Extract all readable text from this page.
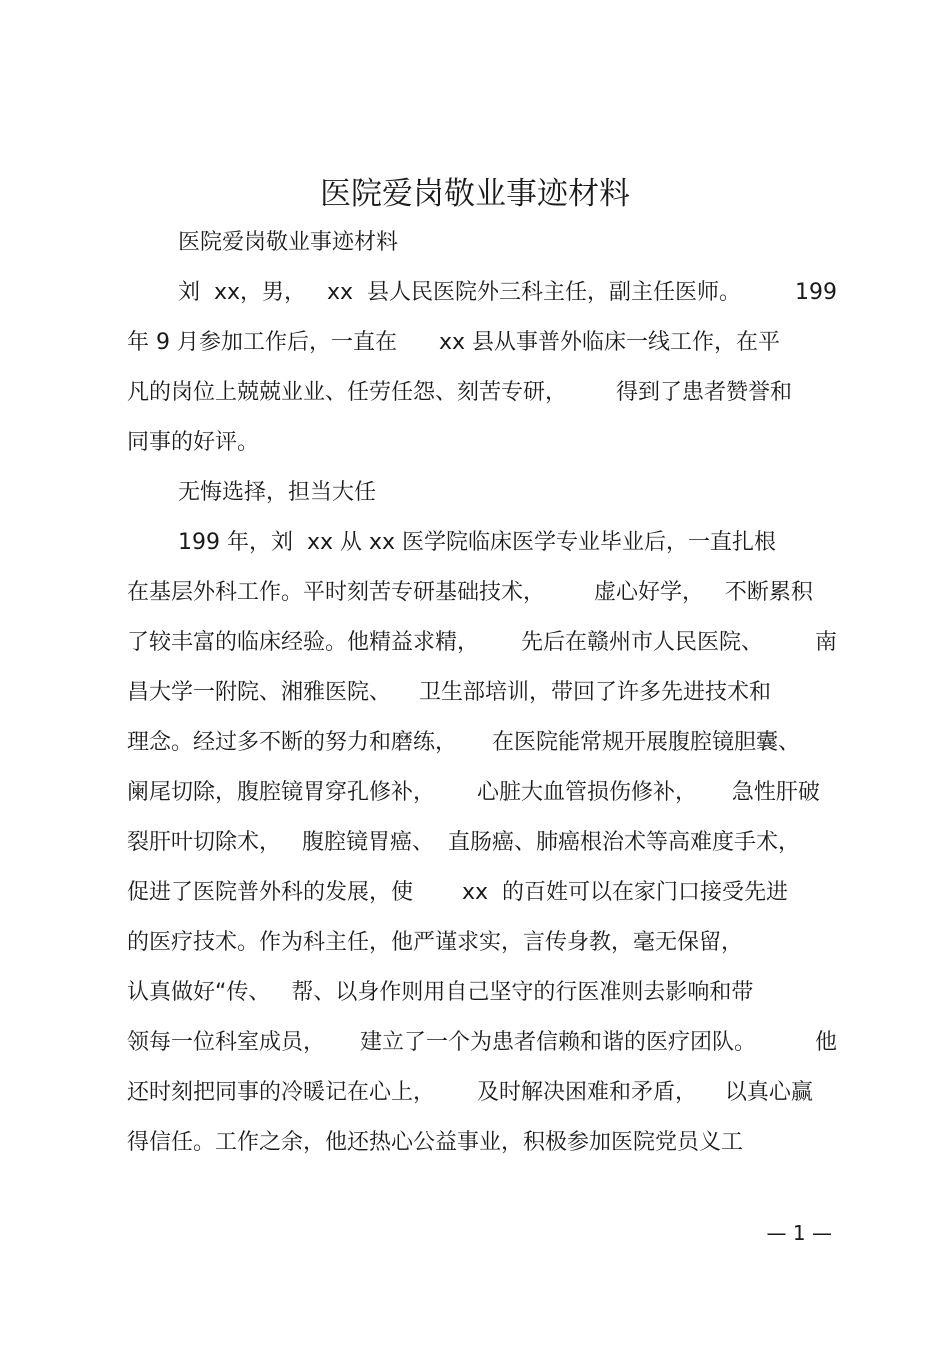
医院爱岗敬业事迹材料
医院爱岗敬业事迹材料
刘  xx，男，   xx  县人民医院外三科主任，副主任医师。 199
年 9 月参加工作后，一直在      xx 县从事普外临床一线工作，在平
凡的岗位上兢兢业业、任劳任怨、刻苦专研，       得到了患者赞誉和
同事的好评。
无悔选择，担当大任
199 年，刘  xx 从 xx 医学院临床医学专业毕业后，一直扎根
在基层外科工作。平时刻苦专研基础技术，       虚心好学，   不断累积
了较丰富的临床经验。他精益求精，      先后在赣州市人民医院、 南
昌大学一附院、湘雅医院、    卫生部培训，带回了许多先进技术和
理念。经过多不断的努力和磨练，     在医院能常规开展腹腔镜胆囊、
阑尾切除，腹腔镜胃穿孔修补，      心脏大血管损伤修补，     急性肝破
裂肝叶切除术，   腹腔镜胃癌、  直肠癌、肺癌根治术等高难度手术，
促进了医院普外科的发展，使       xx  的百姓可以在家门口接受先进
的医疗技术。作为科主任，他严谨求实，言传身教，毫无保留，
认真做好“传、   帮、以身作则用自己坚守的行医准则去影响和带
领每一位科室成员，     建立了一个为患者信赖和谐的医疗团队。	他
还时刻把同事的冷暖记在心上，      及时解决困难和矛盾，    以真心赢
得信任。工作之余，他还热心公益事业，积极参加医院党员义工
— 1 —
